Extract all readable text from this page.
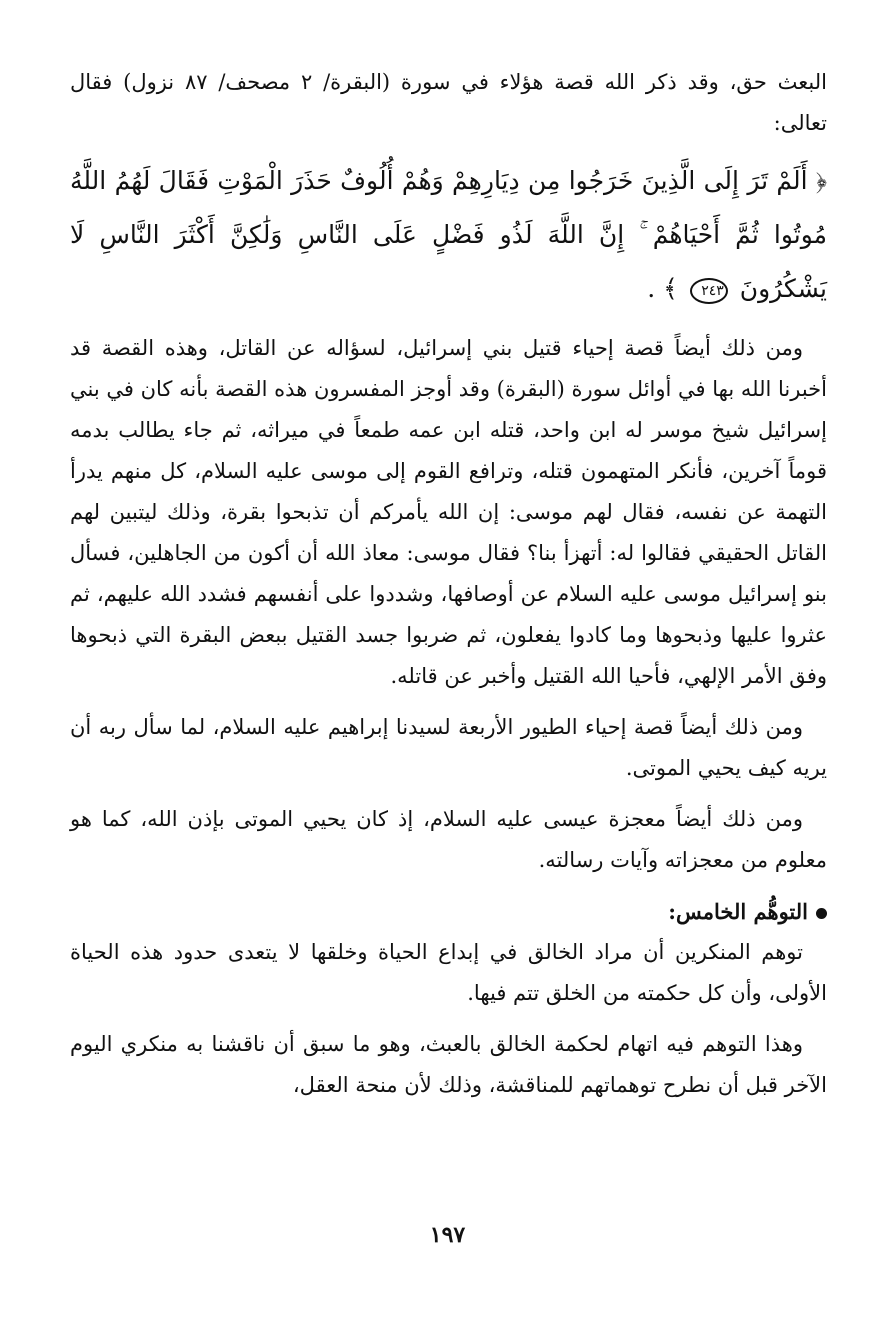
البعث حق، وقد ذكر الله قصة هؤلاء في سورة (البقرة/ ٢ مصحف/ ٨٧ نزول) فقال تعالى:

﴿ أَلَمْ تَرَ إِلَى الَّذِينَ خَرَجُوا مِن دِيَارِهِمْ وَهُمْ أُلُوفٌ حَذَرَ الْمَوْتِ فَقَالَ لَهُمُ اللَّهُ مُوتُوا ثُمَّ أَحْيَاهُمْ ۚ إِنَّ اللَّهَ لَذُو فَضْلٍ عَلَى النَّاسِ وَلَٰكِنَّ أَكْثَرَ النَّاسِ لَا يَشْكُرُونَ ٢٤٣ ﴾ .

ومن ذلك أيضاً قصة إحياء قتيل بني إسرائيل، لسؤاله عن القاتل، وهذه القصة قد أخبرنا الله بها في أوائل سورة (البقرة) وقد أوجز المفسرون هذه القصة بأنه كان في بني إسرائيل شيخ موسر له ابن واحد، قتله ابن عمه طمعاً في ميراثه، ثم جاء يطالب بدمه قوماً آخرين، فأنكر المتهمون قتله، وترافع القوم إلى موسى عليه السلام، كل منهم يدرأ التهمة عن نفسه، فقال لهم موسى: إن الله يأمركم أن تذبحوا بقرة، وذلك ليتبين لهم القاتل الحقيقي فقالوا له: أتهزأ بنا؟ فقال موسى: معاذ الله أن أكون من الجاهلين، فسأل بنو إسرائيل موسى عليه السلام عن أوصافها، وشددوا على أنفسهم فشدد الله عليهم، ثم عثروا عليها وذبحوها وما كادوا يفعلون، ثم ضربوا جسد القتيل ببعض البقرة التي ذبحوها وفق الأمر الإلهي، فأحيا الله القتيل وأخبر عن قاتله.

ومن ذلك أيضاً قصة إحياء الطيور الأربعة لسيدنا إبراهيم عليه السلام، لما سأل ربه أن يريه كيف يحيي الموتى.

ومن ذلك أيضاً معجزة عيسى عليه السلام، إذ كان يحيي الموتى بإذن الله، كما هو معلوم من معجزاته وآيات رسالته.

التوهُّم الخامس:

توهم المنكرين أن مراد الخالق في إبداع الحياة وخلقها لا يتعدى حدود هذه الحياة الأولى، وأن كل حكمته من الخلق تتم فيها.

وهذا التوهم فيه اتهام لحكمة الخالق بالعبث، وهو ما سبق أن ناقشنا به منكري اليوم الآخر قبل أن نطرح توهماتهم للمناقشة، وذلك لأن منحة العقل،

١٩٧
